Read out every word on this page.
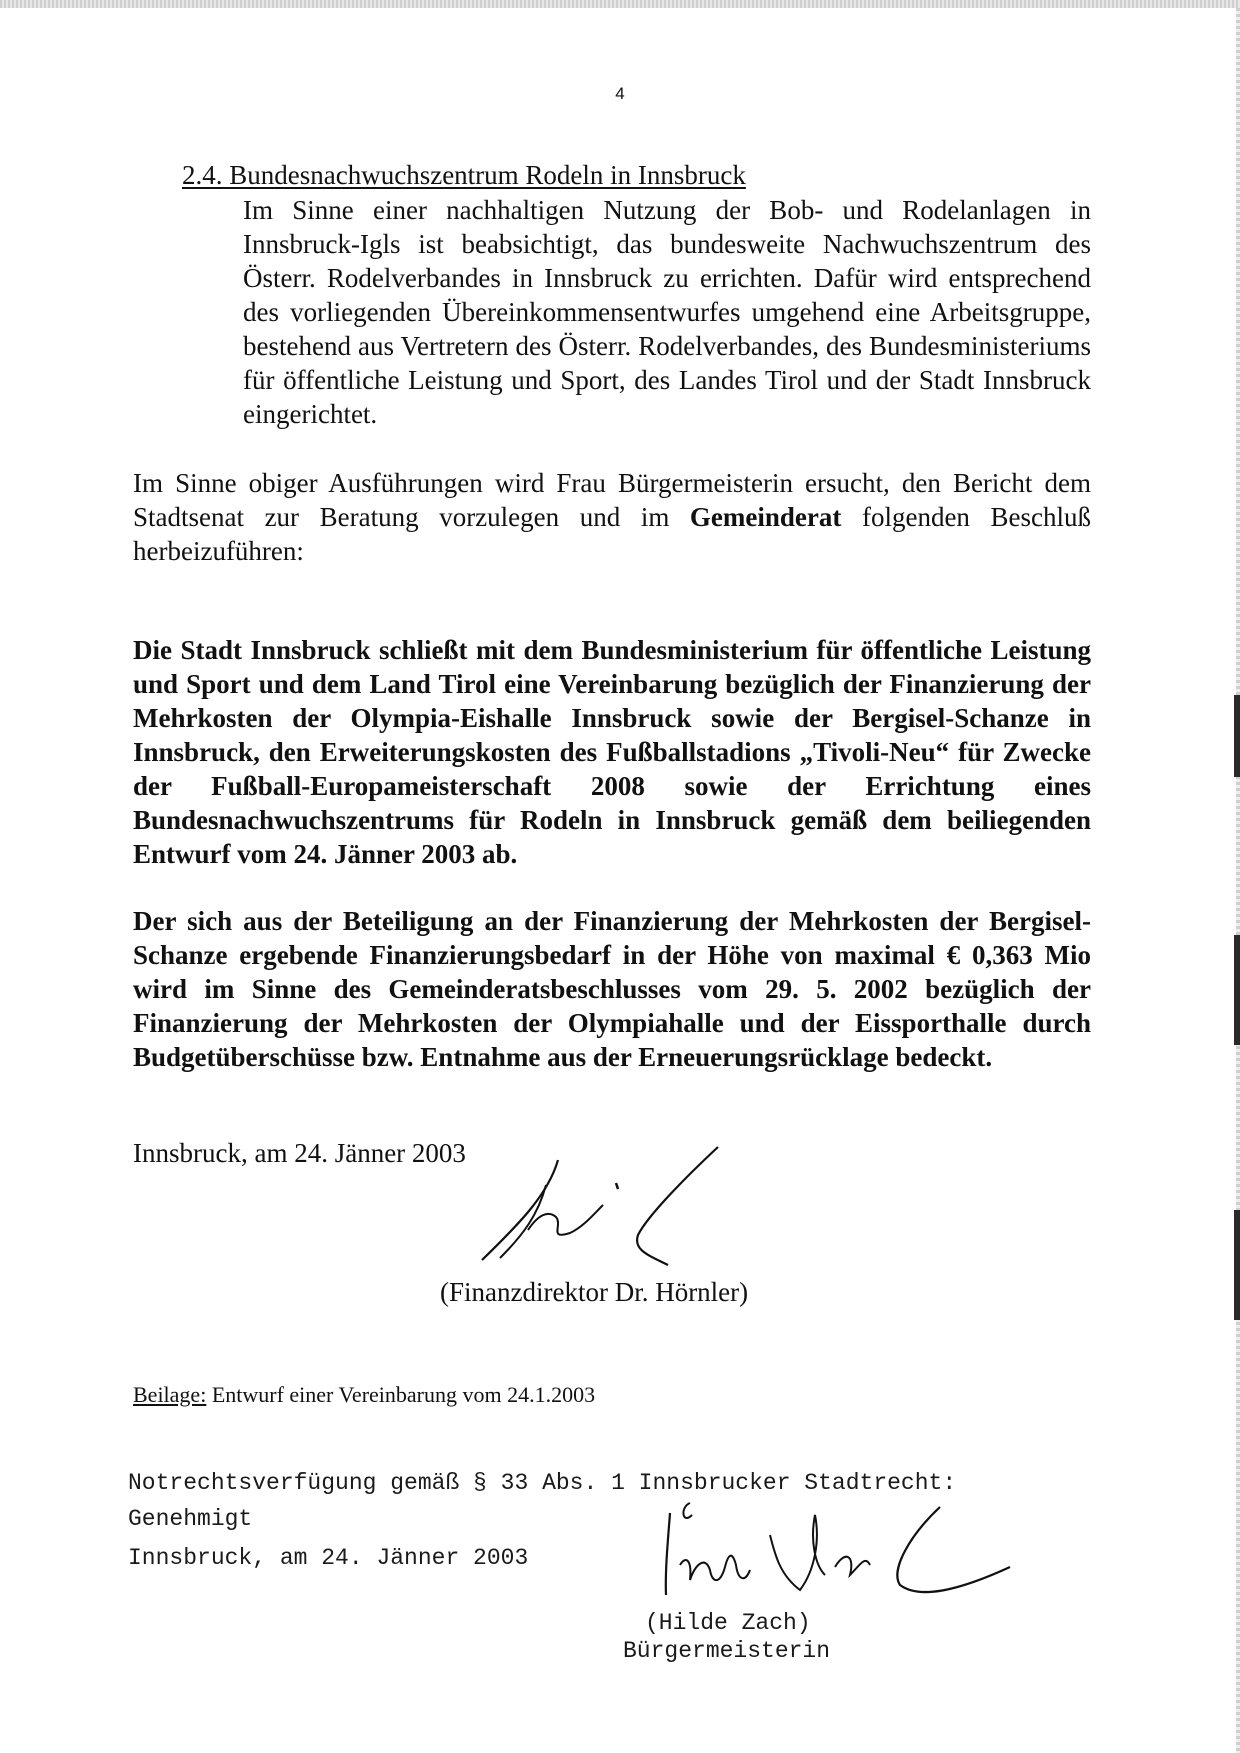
4
2.4. Bundesnachwuchszentrum Rodeln in Innsbruck
Im Sinne einer nachhaltigen Nutzung der Bob- und Rodelanlagen in Innsbruck-Igls ist beabsichtigt, das bundesweite Nachwuchszentrum des Österr. Rodelverbandes in Innsbruck zu errichten. Dafür wird entsprechend des vorliegenden Übereinkommensentwurfes umgehend eine Arbeitsgruppe, bestehend aus Vertretern des Österr. Rodelverbandes, des Bundesministeriums für öffentliche Leistung und Sport, des Landes Tirol und der Stadt Innsbruck eingerichtet.
Im Sinne obiger Ausführungen wird Frau Bürgermeisterin ersucht, den Bericht dem Stadtsenat zur Beratung vorzulegen und im Gemeinderat folgenden Beschluß herbeizuführen:
Die Stadt Innsbruck schließt mit dem Bundesministerium für öffentliche Leistung und Sport und dem Land Tirol eine Vereinbarung bezüglich der Finanzierung der Mehrkosten der Olympia-Eishalle Innsbruck sowie der Bergisel-Schanze in Innsbruck, den Erweiterungskosten des Fußballstadions „Tivoli-Neu“ für Zwecke der Fußball-Europameisterschaft 2008 sowie der Errichtung eines Bundesnachwuchszentrums für Rodeln in Innsbruck gemäß dem beiliegenden Entwurf vom 24. Jänner 2003 ab.
Der sich aus der Beteiligung an der Finanzierung der Mehrkosten der Bergisel-Schanze ergebende Finanzierungsbedarf in der Höhe von maximal € 0,363 Mio wird im Sinne des Gemeinderatsbeschlusses vom 29. 5. 2002 bezüglich der Finanzierung der Mehrkosten der Olympiahalle und der Eissporthalle durch Budgetüberschüsse bzw. Entnahme aus der Erneuerungsrücklage bedeckt.
Innsbruck, am 24. Jänner 2003
(Finanzdirektor Dr. Hörnler)
Beilage: Entwurf einer Vereinbarung vom 24.1.2003
Notrechtsverfügung gemäß § 33 Abs. 1 Innsbrucker Stadtrecht:
Genehmigt
Innsbruck, am 24. Jänner 2003
(Hilde Zach)
Bürgermeisterin
